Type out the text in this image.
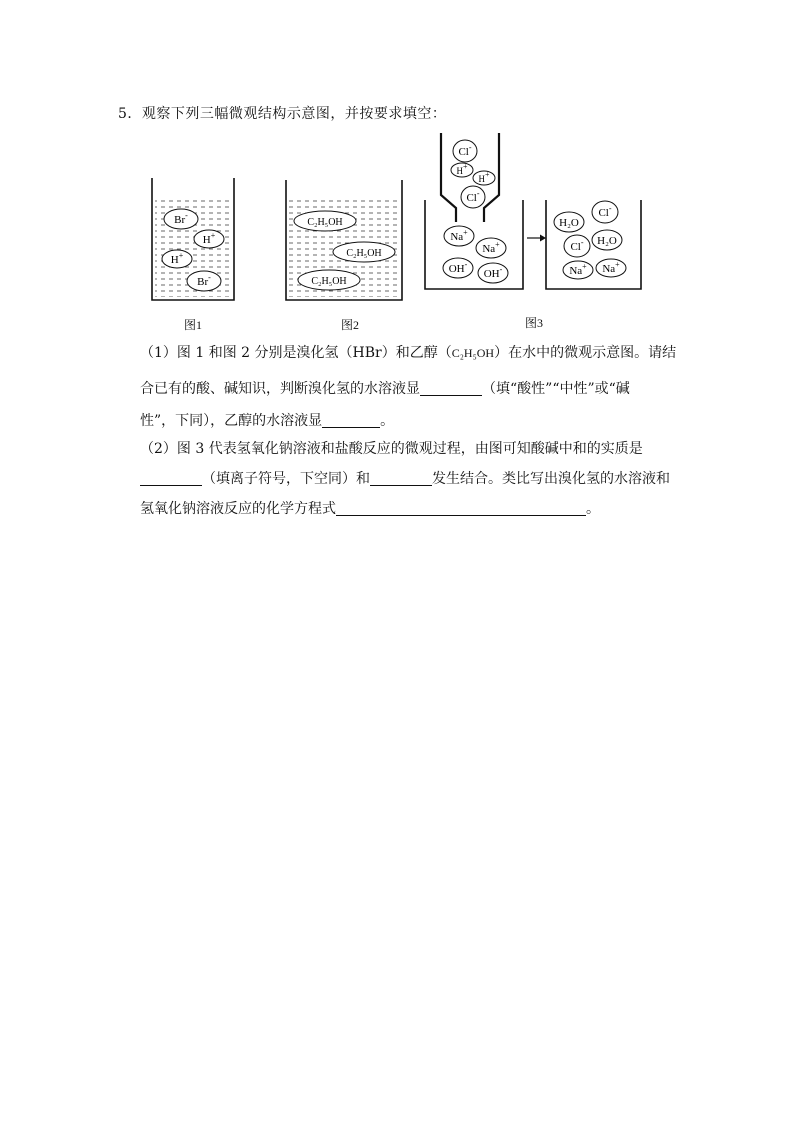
5．观察下列三幅微观结构示意图，并按要求填空：
Br-
H+
H+
Br-
C₂H₅OH
C₂H₅OH
C₂H₅OH
Cl-
H+
H+
Cl-
Na+
Na+
OH-
OH-
H₂O
Cl-
Cl- H₂O
Na+ Na+
图1	图2	图3
（1）图 1 和图 2 分别是溴化氢（HBr）和乙醇（C₂H₅OH）在水中的微观示意图。请结
合已有的酸、碱知识，判断溴化氢的水溶液显	（填“酸性”“中性”或“碱
性”，下同），乙醇的水溶液显	。
（2）图 3 代表氢氧化钠溶液和盐酸反应的微观过程，由图可知酸碱中和的实质是
（填离子符号，下空同）和	发生结合。类比写出溴化氢的水溶液和
氢氧化钠溶液反应的化学方程式	。
